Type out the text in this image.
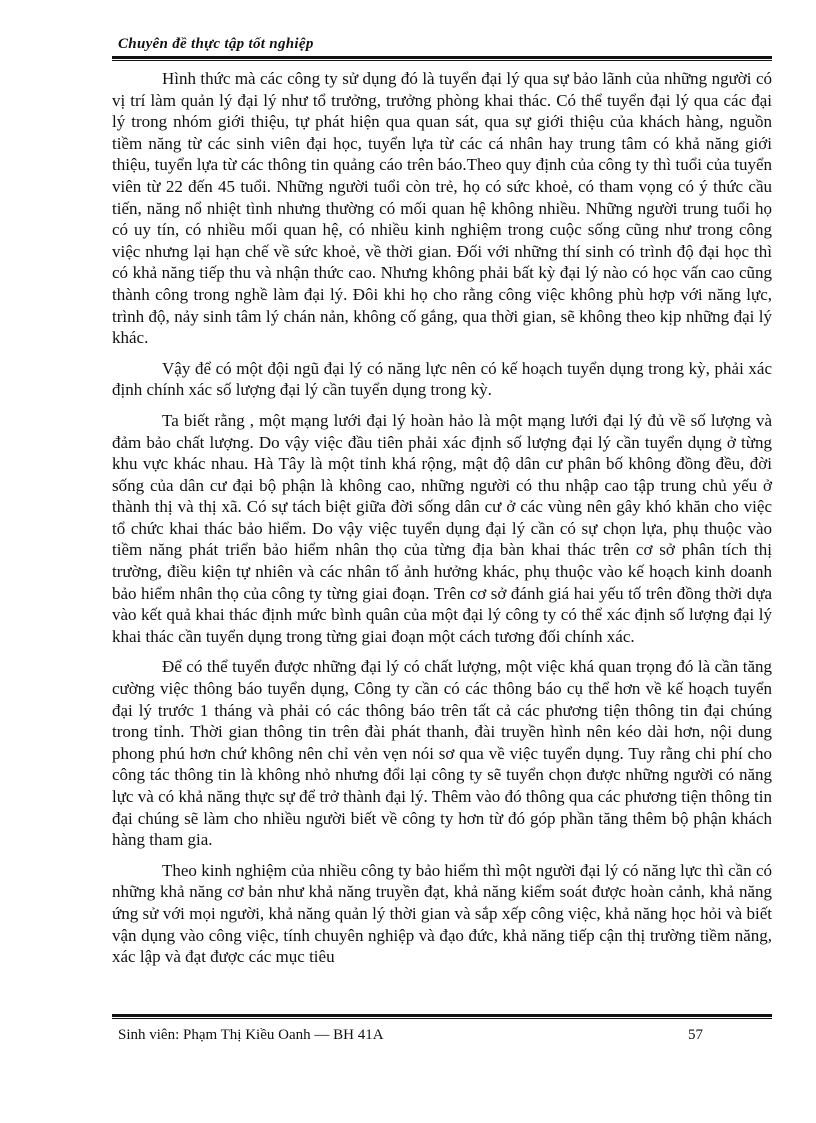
Chuyên đề thực tập tốt nghiệp

Hình thức mà các công ty sử dụng đó là tuyển đại lý qua sự bảo lãnh của những người có vị trí làm quản lý đại lý như tổ trưởng, trưởng phòng khai thác. Có thể tuyển đại lý qua các đại lý trong nhóm giới thiệu, tự phát hiện qua quan sát, qua sự giới thiệu của khách hàng, nguồn tiềm năng từ các sinh viên đại học, tuyển lựa từ các cá nhân hay trung tâm có khả năng giới thiệu, tuyển lựa từ các thông tin quảng cáo trên báo.Theo quy định của công ty thì tuổi của tuyển viên từ 22 đến 45 tuổi. Những người tuổi còn trẻ, họ có sức khoẻ, có tham vọng có ý thức cầu tiến, năng nổ nhiệt tình nhưng thường có mối quan hệ không nhiều. Những người trung tuổi họ có uy tín, có nhiều mối quan hệ, có nhiều kinh nghiệm trong cuộc sống cũng như trong công việc nhưng lại hạn chế về sức khoẻ, về thời gian. Đối với những thí sinh có trình độ đại học thì có khả năng tiếp thu và nhận thức cao. Nhưng không phải bất kỳ đại lý nào có học vấn cao cũng thành công trong nghề làm đại lý. Đôi khi họ cho rằng công việc không phù hợp với năng lực, trình độ, nảy sinh tâm lý chán nản, không cố gắng, qua thời gian, sẽ không theo kịp những đại lý khác.

Vậy để có một đội ngũ đại lý có năng lực nên có kế hoạch tuyển dụng trong kỳ, phải xác định chính xác số lượng đại lý cần tuyển dụng trong kỳ.

Ta biết rằng , một mạng lưới đại lý hoàn hảo là một mạng lưới đại lý đủ về số lượng và đảm bảo chất lượng. Do vậy việc đầu tiên phải xác định số lượng đại lý cần tuyển dụng ở từng khu vực khác nhau. Hà Tây là một tỉnh khá rộng, mật độ dân cư phân bố không đồng đều, đời sống của dân cư đại bộ phận là không cao, những người có thu nhập cao tập trung chủ yếu ở thành thị và thị xã. Có sự tách biệt giữa đời sống dân cư ở các vùng nên gây khó khăn cho việc tổ chức khai thác bảo hiểm. Do vậy việc tuyển dụng đại lý cần có sự chọn lựa, phụ thuộc vào tiềm năng phát triển bảo hiểm nhân thọ của từng địa bàn khai thác trên cơ sở phân tích thị trường, điều kiện tự nhiên và các nhân tố ảnh hưởng khác, phụ thuộc vào kế hoạch kinh doanh bảo hiểm nhân thọ của công ty từng giai đoạn. Trên cơ sở đánh giá hai yếu tố trên đồng thời dựa vào kết quả khai thác định mức bình quân của một đại lý công ty có thể xác định số lượng đại lý khai thác cần tuyển dụng trong từng giai đoạn một cách tương đối chính xác.

Để có thể tuyển được những đại lý có chất lượng, một việc khá quan trọng đó là cần tăng cường việc thông báo tuyển dụng, Công ty cần có các thông báo cụ thể hơn về kế hoạch tuyển đại lý trước 1 tháng và phải có các thông báo trên tất cả các phương tiện thông tin đại chúng trong tỉnh. Thời gian thông tin trên đài phát thanh, đài truyền hình nên kéo dài hơn, nội dung phong phú hơn chứ không nên chỉ vẻn vẹn nói sơ qua về việc tuyển dụng. Tuy rằng chi phí cho công tác thông tin là không nhỏ nhưng đổi lại công ty sẽ tuyển chọn được những người có năng lực và có khả năng thực sự để trở thành đại lý. Thêm vào đó thông qua các phương tiện thông tin đại chúng sẽ làm cho nhiều người biết về công ty hơn từ đó góp phần tăng thêm bộ phận khách hàng tham gia.

Theo kinh nghiệm của nhiều công ty bảo hiểm thì một người đại lý có năng lực thì cần có những khả năng cơ bản như khả năng truyền đạt, khả năng kiểm soát được hoàn cảnh, khả năng ứng sử với mọi người, khả năng quản lý thời gian và sắp xếp công việc, khả năng học hỏi và biết vận dụng vào công việc, tính chuyên nghiệp và đạo đức, khả năng tiếp cận thị trường tiềm năng, xác lập và đạt được các mục tiêu

Sinh viên: Phạm Thị Kiều Oanh — BH 41A	57
